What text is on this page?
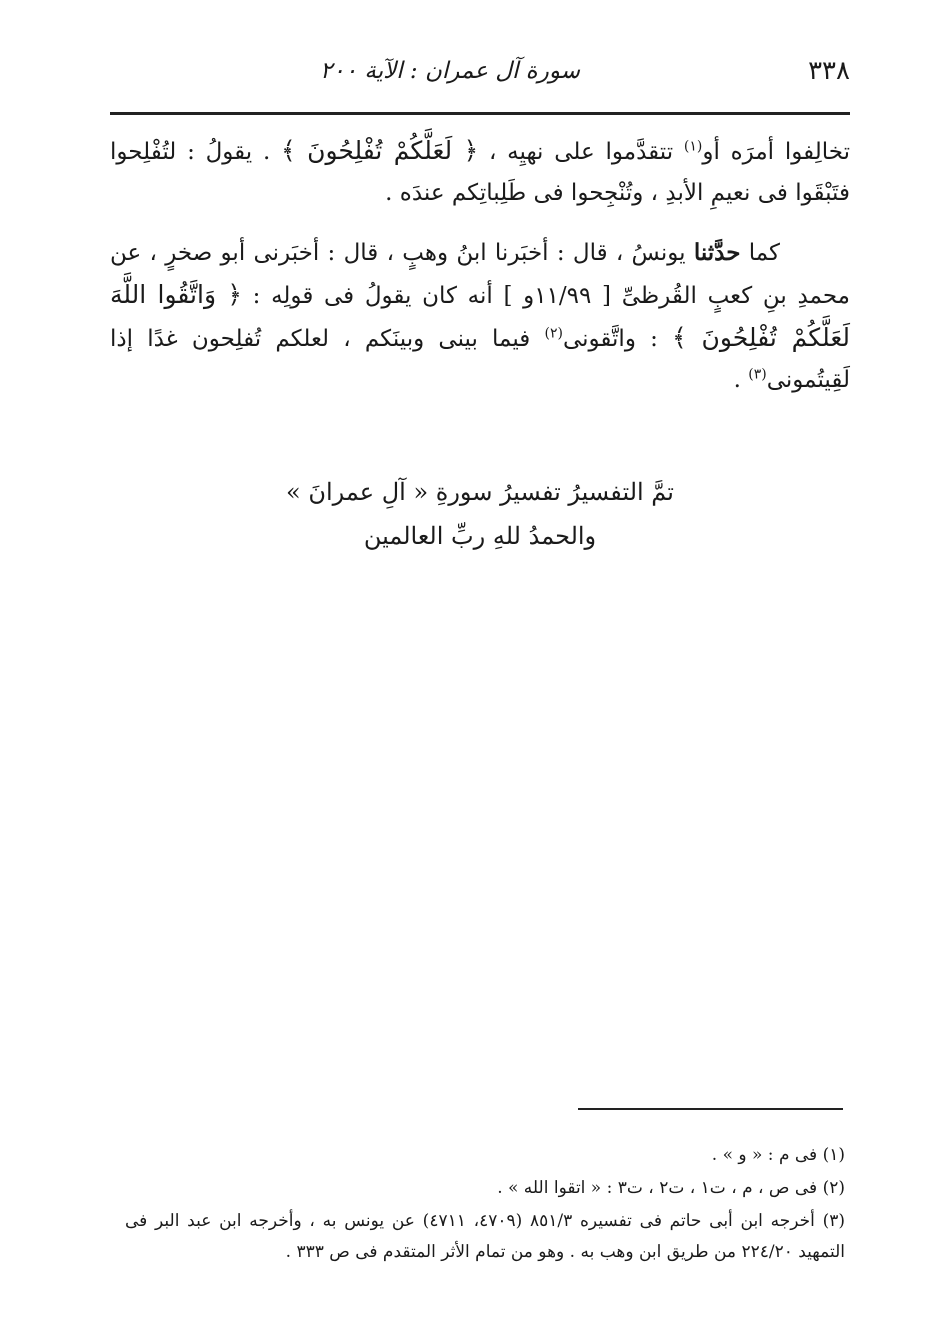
٣٣٨
سورة آل عمران : الآية ٢٠٠

تخالِفوا أمرَه أو$^{(١)}$ تتقدَّموا على نهيِه ، ﴿ لَعَلَّكُمْ تُفْلِحُونَ ﴾ . يقولُ : لتُفْلِحوا فتَبْقَوا فى نعيمِ الأبدِ ، وتُنْجِحوا فى طَلِباتِكم عندَه .

كما حدَّثنا يونسُ ، قال : أخبَرنا ابنُ وهبٍ ، قال : أخبَرنى أبو صخرٍ ، عن محمدِ بنِ كعبٍ القُرظىِّ [ ١١/٩٩و ] أنه كان يقولُ فى قولِه : ﴿ وَاتَّقُوا اللَّهَ لَعَلَّكُمْ تُفْلِحُونَ ﴾ : واتَّقونى$^{(٢)}$ فيما بينى وبينَكم ، لعلكم تُفلِحون غدًا إذا لَقِيتُمونى$^{(٣)}$ .

تمَّ التفسيرُ تفسيرُ سورةِ « آلِ عمرانَ »
والحمدُ للهِ ربِّ العالمين
(١) فى م : « و » .
(٢) فى ص ، م ، ت١ ، ت٢ ، ت٣ : « اتقوا الله » .
(٣) أخرجه ابن أبى حاتم فى تفسيره ٨٥١/٣ (٤٧٠٩، ٤٧١١) عن يونس به ، وأخرجه ابن عبد البر فى التمهيد ٢٢٤/٢٠ من طريق ابن وهب به . وهو من تمام الأثر المتقدم فى ص ٣٣٣ .
